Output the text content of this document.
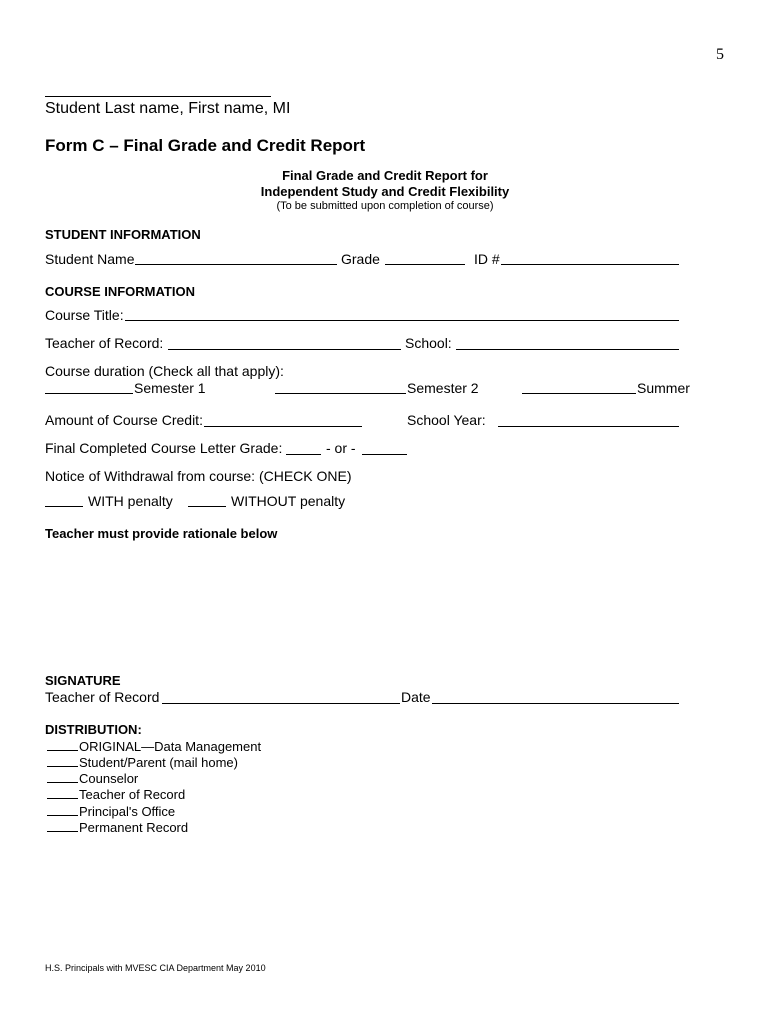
5
Student Last name, First name, MI
Form C – Final Grade and Credit Report
Final Grade and Credit Report for
Independent Study and Credit Flexibility
(To be submitted upon completion of course)
STUDENT INFORMATION
Student Name	Grade	ID #
COURSE INFORMATION
Course Title:
Teacher of Record:	School:
Course duration (Check all that apply):
Semester 1	Semester 2	Summer
Amount of Course Credit:	School Year:
Final Completed Course Letter Grade:	- or -
Notice of Withdrawal from course: (CHECK ONE)
WITH penalty	WITHOUT penalty
Teacher must provide rationale below
SIGNATURE
Teacher of Record	Date
DISTRIBUTION:
ORIGINAL—Data Management
Student/Parent (mail home)
Counselor
Teacher of Record
Principal's Office
Permanent Record
H.S. Principals with MVESC CIA Department May 2010
